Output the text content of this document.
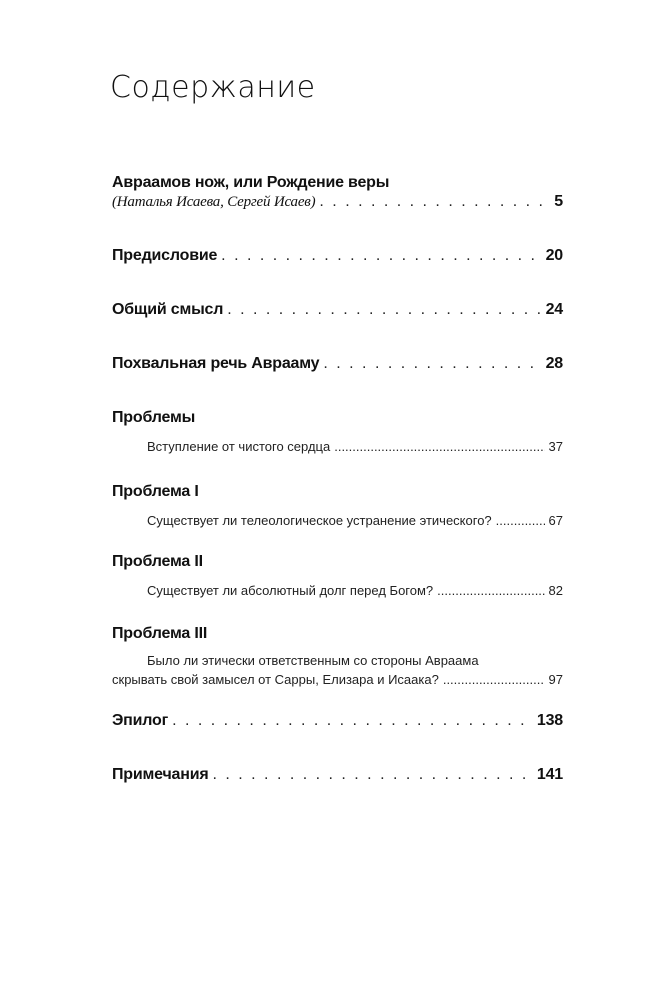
Содержание
Авраамов нож, или Рождение веры
(Наталья Исаева, Сергей Исаев) . . .	5
Предисловие . . .	20
Общий смысл . . .	24
Похвальная речь Аврааму . . .	28
Проблемы
Вступление от чистого сердца .....	37
Проблема I
Существует ли телеологическое устранение этического? .....	67
Проблема II
Существует ли абсолютный долг перед Богом? .....	82
Проблема III
Было ли этически ответственным со стороны Авраама
скрывать свой замысел от Сарры, Елизара и Исаака? .....	97
Эпилог . . .	138
Примечания . . .	141
